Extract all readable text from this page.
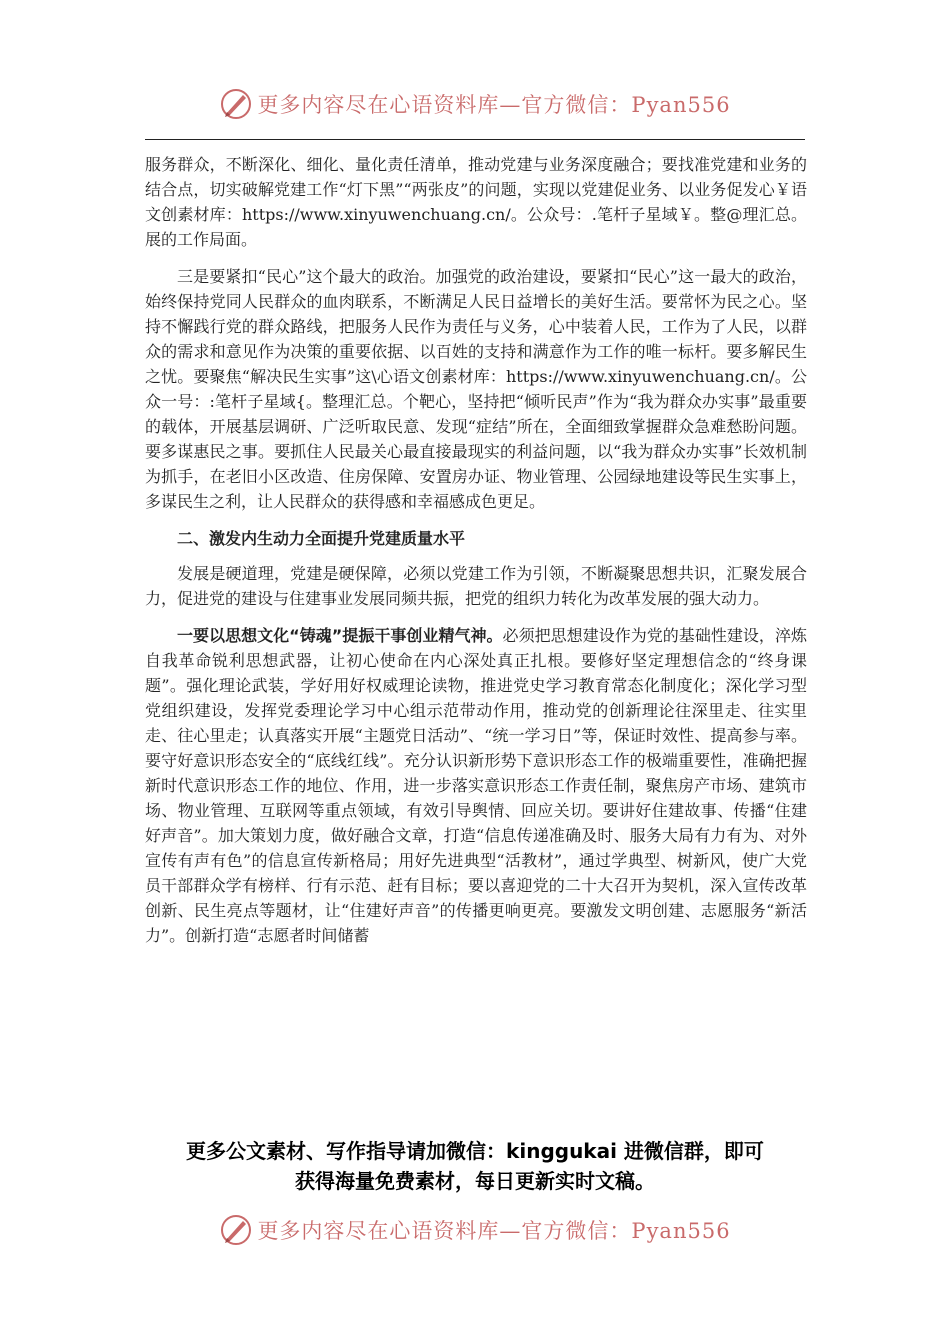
更多内容尽在心语资料库—官方微信：Pyan556

服务群众，不断深化、细化、量化责任清单，推动党建与业务深度融合；要找准党建和业务的结合点，切实破解党建工作“灯下黑”“两张皮”的问题，实现以党建促业务、以业务促发心￥语文创素材库：https://www.xinyuwenchuang.cn/。公众号：.笔杆子星域￥。整@理汇总。展的工作局面。

三是要紧扣“民心”这个最大的政治。加强党的政治建设，要紧扣“民心”这一最大的政治，始终保持党同人民群众的血肉联系，不断满足人民日益增长的美好生活。要常怀为民之心。坚持不懈践行党的群众路线，把服务人民作为责任与义务，心中装着人民，工作为了人民，以群众的需求和意见作为决策的重要依据、以百姓的支持和满意作为工作的唯一标杆。要多解民生之忧。要聚焦“解决民生实事”这\心语文创素材库：https://www.xinyuwenchuang.cn/。公众一号：:笔杆子星域{。整理汇总。个靶心，坚持把“倾听民声”作为“我为群众办实事”最重要的载体，开展基层调研、广泛听取民意、发现“症结”所在，全面细致掌握群众急难愁盼问题。要多谋惠民之事。要抓住人民最关心最直接最现实的利益问题，以“我为群众办实事”长效机制为抓手，在老旧小区改造、住房保障、安置房办证、物业管理、公园绿地建设等民生实事上，多谋民生之利，让人民群众的获得感和幸福感成色更足。

二、激发内生动力全面提升党建质量水平

发展是硬道理，党建是硬保障，必须以党建工作为引领，不断凝聚思想共识，汇聚发展合力，促进党的建设与住建事业发展同频共振，把党的组织力转化为改革发展的强大动力。

一要以思想文化“铸魂”提振干事创业精气神。必须把思想建设作为党的基础性建设，淬炼自我革命锐利思想武器，让初心使命在内心深处真正扎根。要修好坚定理想信念的“终身课题”。强化理论武装，学好用好权威理论读物，推进党史学习教育常态化制度化；深化学习型党组织建设，发挥党委理论学习中心组示范带动作用，推动党的创新理论往深里走、往实里走、往心里走；认真落实开展“主题党日活动”、“统一学习日”等，保证时效性、提高参与率。要守好意识形态安全的“底线红线”。充分认识新形势下意识形态工作的极端重要性，准确把握新时代意识形态工作的地位、作用，进一步落实意识形态工作责任制，聚焦房产市场、建筑市场、物业管理、互联网等重点领域，有效引导舆情、回应关切。要讲好住建故事、传播“住建好声音”。加大策划力度，做好融合文章，打造“信息传递准确及时、服务大局有力有为、对外宣传有声有色”的信息宣传新格局；用好先进典型“活教材”，通过学典型、树新风，使广大党员干部群众学有榜样、行有示范、赶有目标；要以喜迎党的二十大召开为契机，深入宣传改革创新、民生亮点等题材，让“住建好声音”的传播更响更亮。要激发文明创建、志愿服务“新活力”。创新打造“志愿者时间储蓄

更多公文素材、写作指导请加微信：kinggukai 进微信群，即可
获得海量免费素材，每日更新实时文稿。
更多内容尽在心语资料库—官方微信：Pyan556
